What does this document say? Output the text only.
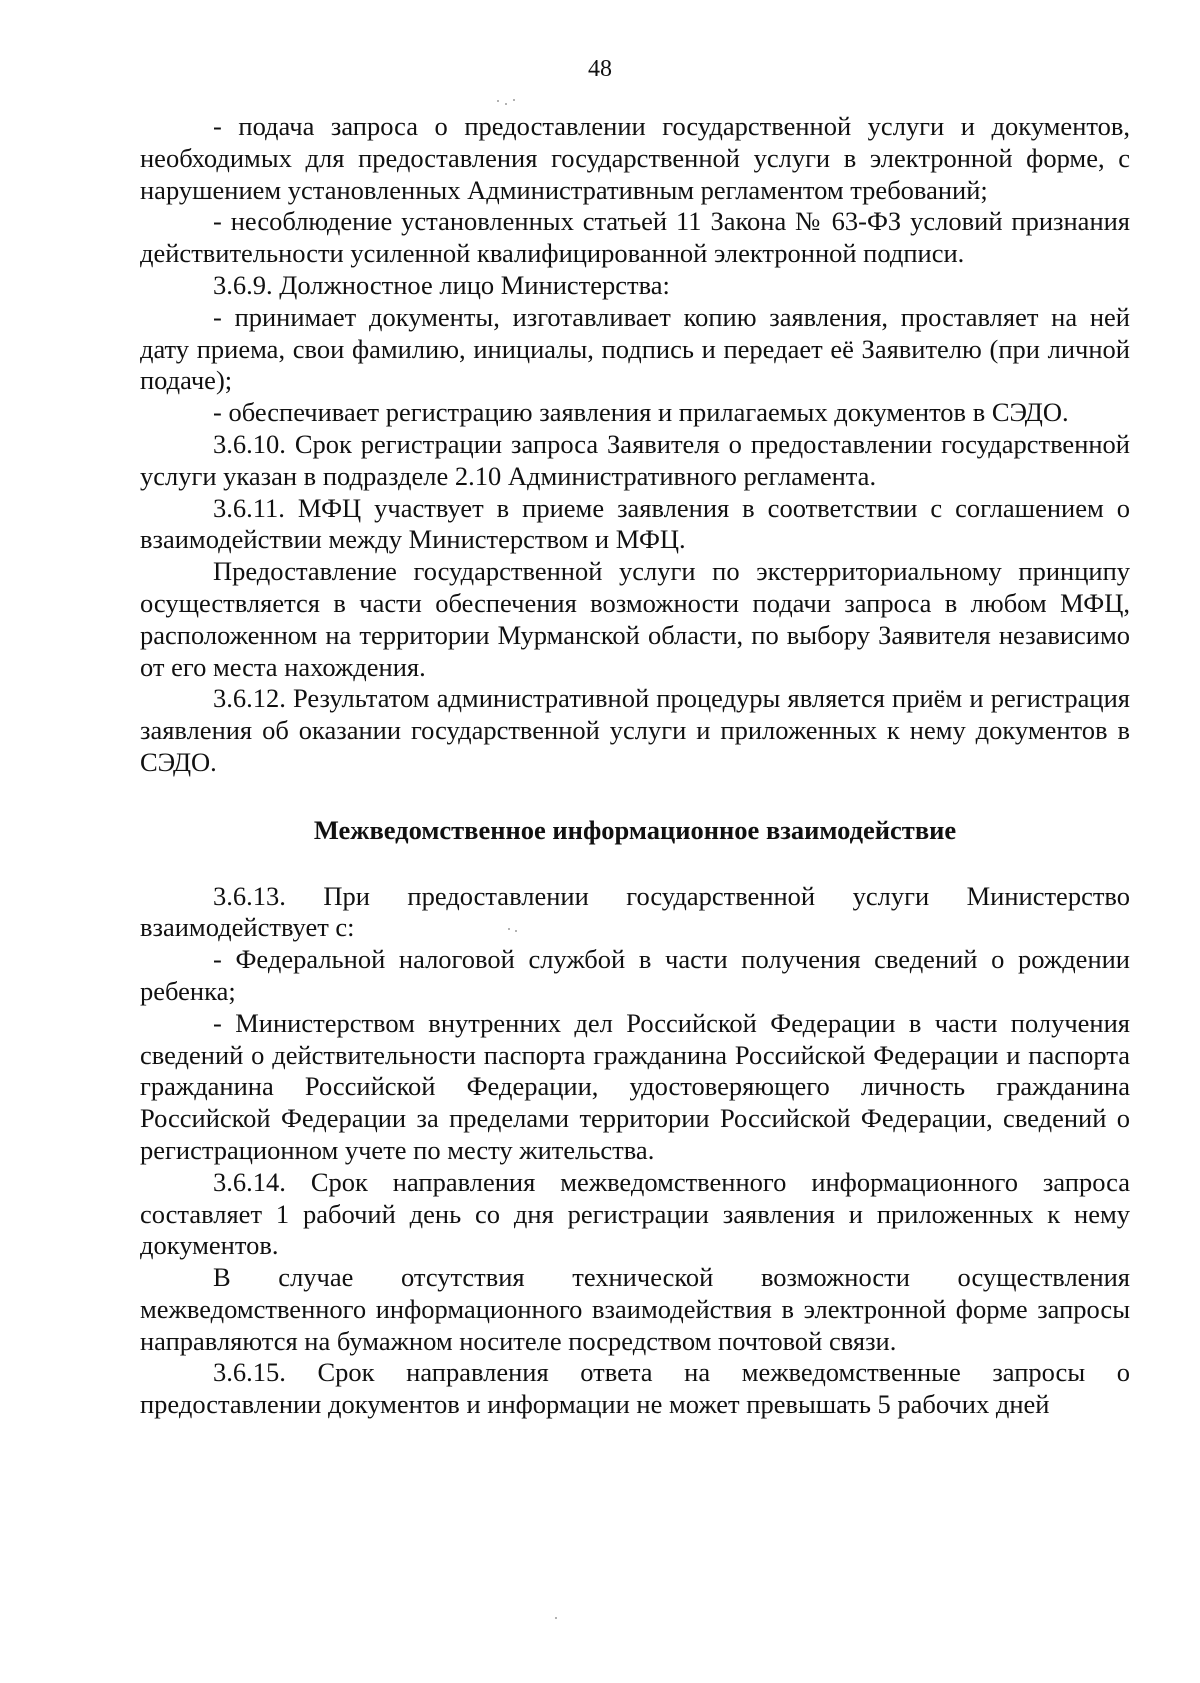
48

- подача запроса о предоставлении государственной услуги и документов, необходимых для предоставления государственной услуги в электронной форме, с нарушением установленных Административным регламентом требований;

- несоблюдение установленных статьей 11 Закона № 63-ФЗ условий признания действительности усиленной квалифицированной электронной подписи.

3.6.9. Должностное лицо Министерства:

- принимает документы, изготавливает копию заявления, проставляет на ней дату приема, свои фамилию, инициалы, подпись и передает её Заявителю (при личной подаче);

- обеспечивает регистрацию заявления и прилагаемых документов в СЭДО.

3.6.10. Срок регистрации запроса Заявителя о предоставлении государственной услуги указан в подразделе 2.10 Административного регламента.

3.6.11. МФЦ участвует в приеме заявления в соответствии с соглашением о взаимодействии между Министерством и МФЦ.

Предоставление государственной услуги по экстерриториальному принципу осуществляется в части обеспечения возможности подачи запроса в любом МФЦ, расположенном на территории Мурманской области, по выбору Заявителя независимо от его места нахождения.

3.6.12. Результатом административной процедуры является приём и регистрация заявления об оказании государственной услуги и приложенных к нему документов в СЭДО.

Межведомственное информационное взаимодействие

3.6.13. При предоставлении государственной услуги Министерство взаимодействует с:

- Федеральной налоговой службой в части получения сведений о рождении ребенка;

- Министерством внутренних дел Российской Федерации в части получения сведений о действительности паспорта гражданина Российской Федерации и паспорта гражданина Российской Федерации, удостоверяющего личность гражданина Российской Федерации за пределами территории Российской Федерации, сведений о регистрационном учете по месту жительства.

3.6.14. Срок направления межведомственного информационного запроса составляет 1 рабочий день со дня регистрации заявления и приложенных к нему документов.

В случае отсутствия технической возможности осуществления межведомственного информационного взаимодействия в электронной форме запросы направляются на бумажном носителе посредством почтовой связи.

3.6.15. Срок направления ответа на межведомственные запросы о предоставлении документов и информации не может превышать 5 рабочих дней
